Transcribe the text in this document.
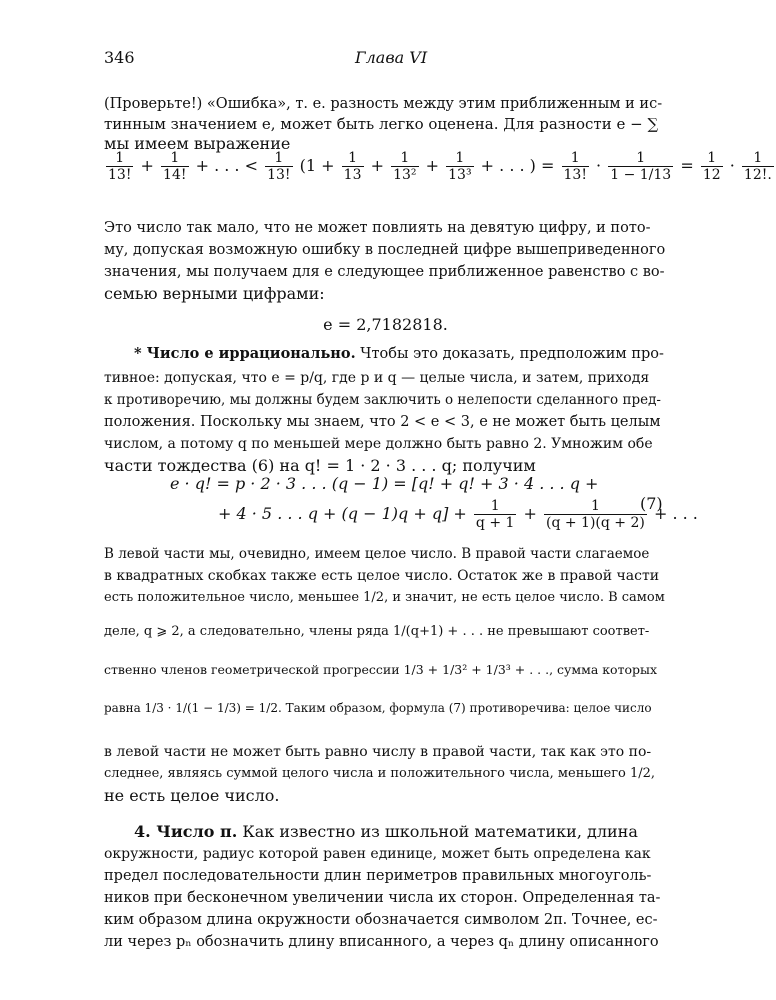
346	Глава VI
(Проверьте!) «Ошибка», т. е. разность между этим приближенным и ис-
тинным значением e, может быть легко оценена. Для разности e − ∑
мы имеем выражение
$\frac{1}{13!} + \frac{1}{14!}$ + . . . < $\frac{1}{13!} (1 + \frac{1}{13} + \frac{1}{\text{13²}} + \frac{1}{\text{13³}}$ + . . . ) = $\frac{1}{13!} \cdot \frac{1}{1 - 1/13} = \frac{1}{12} \cdot \frac{1}{12!.}$
Это число так мало, что не может повлиять на девятую цифру, и пото-
му, допуская возможную ошибку в последней цифре вышеприведенного
значения, мы получаем для e следующее приближенное равенство с во-
семью верными цифрами:
e = 2,7182818.
* Число e иррационально. Чтобы это доказать, предположим про-
тивное: допуская, что e = p/q, где p и q — целые числа, и затем, приходя
к противоречию, мы должны будем заключить о нелепости сделанного пред-
положения. Поскольку мы знаем, что 2 < e < 3, e не может быть целым
числом, а потому q по меньшей мере должно быть равно 2. Умножим обе
части тождества (6) на q! = 1 · 2 · 3 . . . q; получим
e · q! = p · 2 · 3 . . . (q − 1) = [q! + q! + 3 · 4 . . . q +
+ 4 · 5 . . . $q + (q - 1)q + q] + \frac{1}{q + 1} + \frac{1}{(q + 1)(q + 2)}$ + . . .
(7)
В левой части мы, очевидно, имеем целое число. В правой части слагаемое
в квадратных скобках также есть целое число. Остаток же в правой части
есть положительное число, меньшее 1/2, и значит, не есть целое число. В самом
деле, q ⩾ 2, а следовательно, члены ряда 1/(q+1) + . . . не превышают соответ-
ственно членов геометрической прогрессии 1/3 + 1/3² + 1/3³ + . . ., сумма которых
равна 1/3 · 1/(1 − 1/3) = 1/2. Таким образом, формула (7) противоречива: целое число
в левой части не может быть равно числу в правой части, так как это по-
следнее, являясь суммой целого числа и положительного числа, меньшего 1/2,
не есть целое число.
4. Число π. Как известно из школьной математики, длина
окружности, радиус которой равен единице, может быть определена как
предел последовательности длин периметров правильных многоуголь-
ников при бесконечном увеличении числа их сторон. Определенная та-
ким образом длина окружности обозначается символом 2π. Точнее, ес-
ли через pₙ обозначить длину вписанного, а через qₙ длину описанного
